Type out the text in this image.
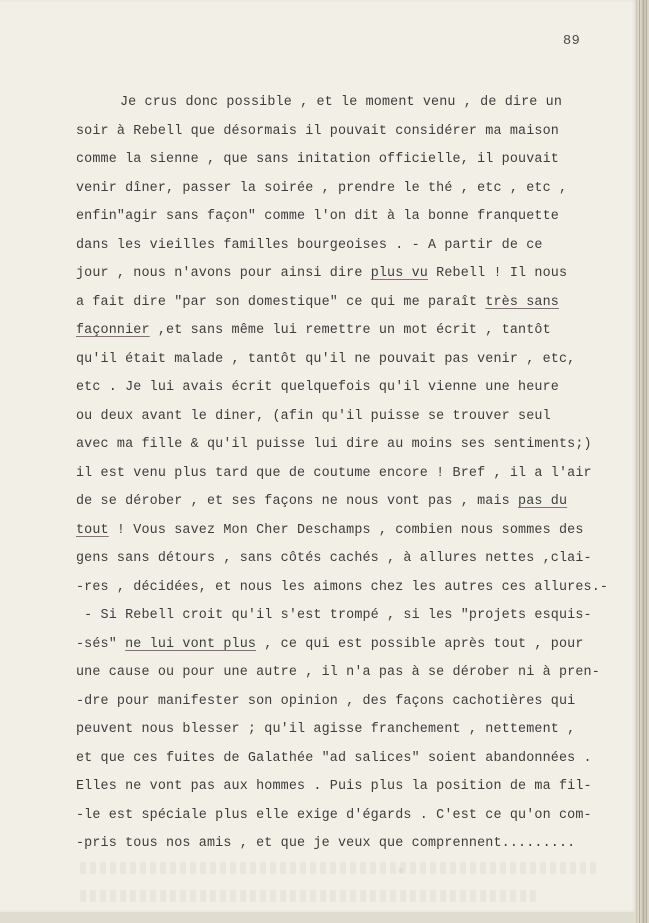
89
Je crus donc possible , et le moment venu , de dire un
soir à Rebell que désormais il pouvait considérer ma maison
comme la sienne , que sans initation officielle, il pouvait
venir dîner, passer la soirée , prendre le thé , etc , etc ,
enfin"agir sans façon" comme l'on dit à la bonne franquette
dans les vieilles familles bourgeoises . - A partir de ce
jour , nous n'avons pour ainsi dire plus vu Rebell ! Il nous
a fait dire "par son domestique" ce qui me paraît très sans
façonnier ,et sans même lui remettre un mot écrit , tantôt
qu'il était malade , tantôt qu'il ne pouvait pas venir , etc,
etc . Je lui avais écrit quelquefois qu'il vienne une heure
ou deux avant le diner, (afin qu'il puisse se trouver seul
avec ma fille & qu'il puisse lui dire au moins ses sentiments;)
il est venu plus tard que de coutume encore ! Bref , il a l'air
de se dérober , et ses façons ne nous vont pas , mais pas du
tout ! Vous savez Mon Cher Deschamps , combien nous sommes des
gens sans détours , sans côtés cachés , à allures nettes ,clai-
-res , décidées, et nous les aimons chez les autres ces allures.-
- Si Rebell croit qu'il s'est trompé , si les "projets esquis-
-sés" ne lui vont plus , ce qui est possible après tout , pour
une cause ou pour une autre , il n'a pas à se dérober ni à pren-
-dre pour manifester son opinion , des façons cachotières qui
peuvent nous blesser ; qu'il agisse franchement , nettement ,
et que ces fuites de Galathée "ad salices" soient abandonnées .
Elles ne vont pas aux hommes . Puis plus la position de ma fil-
-le est spéciale plus elle exige d'égards . C'est ce qu'on com-
-pris tous nos amis , et que je veux que comprennent.........
